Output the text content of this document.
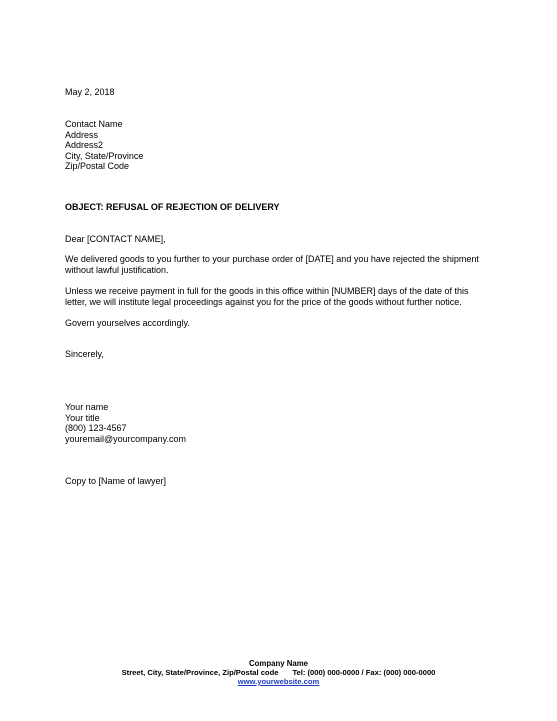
May 2, 2018
Contact Name
Address
Address2
City, State/Province
Zip/Postal Code
OBJECT: REFUSAL OF REJECTION OF DELIVERY
Dear [CONTACT NAME],
We delivered goods to you further to your purchase order of [DATE] and you have rejected the shipment
without lawful justification.
Unless we receive payment in full for the goods in this office within [NUMBER] days of the date of this
letter, we will institute legal proceedings against you for the price of the goods without further notice.
Govern yourselves accordingly.
Sincerely,
Your name
Your title
(800) 123-4567
youremail@yourcompany.com
Copy to [Name of lawyer]
Company Name
Street, City, State/Province, Zip/Postal code Tel: (000) 000-0000 / Fax: (000) 000-0000
www.yourwebsite.com
